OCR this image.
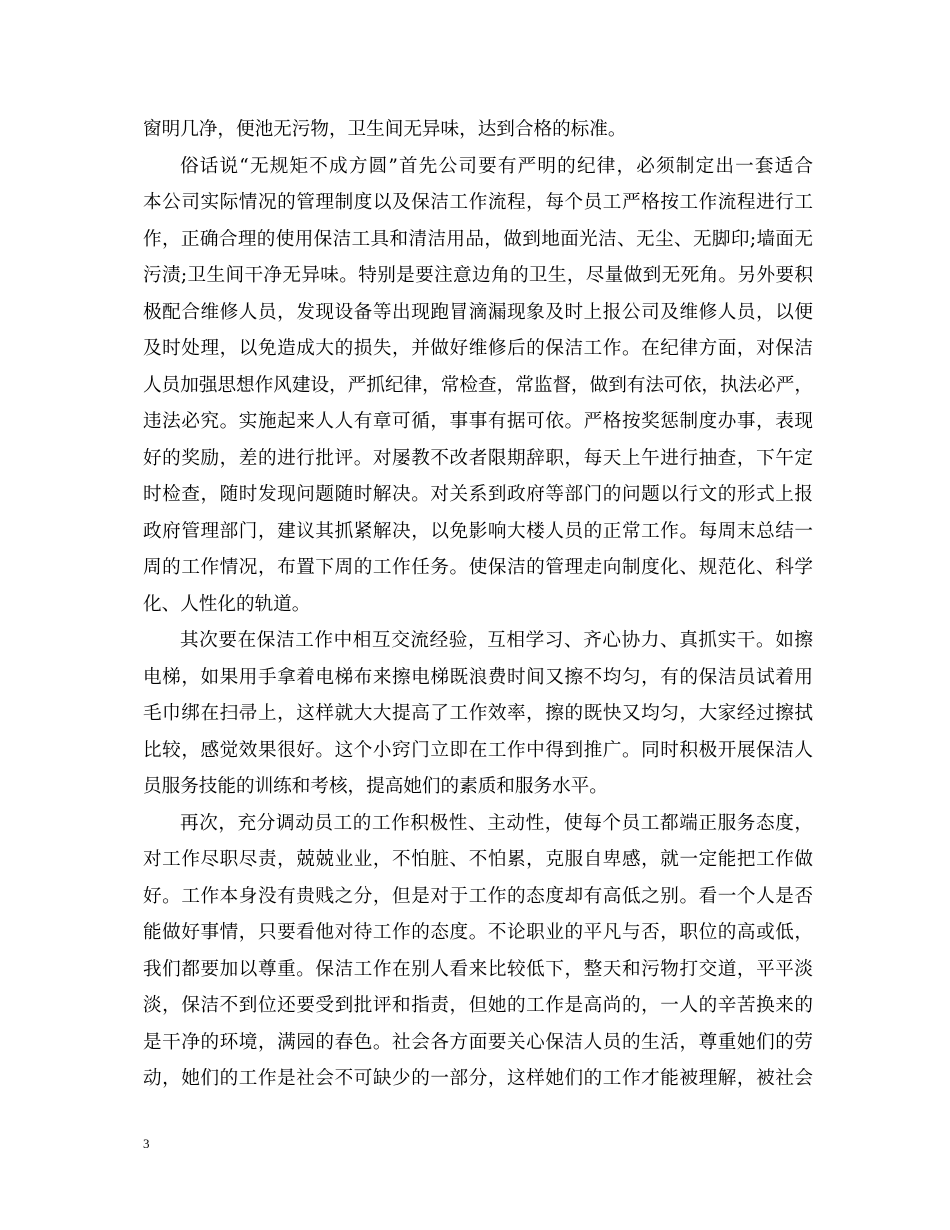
窗明几净，便池无污物，卫生间无异味，达到合格的标准。
俗话说“无规矩不成方圆”首先公司要有严明的纪律，必须制定出一套适合
本公司实际情况的管理制度以及保洁工作流程，每个员工严格按工作流程进行工
作，正确合理的使用保洁工具和清洁用品，做到地面光洁、无尘、无脚印;墙面无
污渍;卫生间干净无异味。特别是要注意边角的卫生，尽量做到无死角。另外要积
极配合维修人员，发现设备等出现跑冒滴漏现象及时上报公司及维修人员，以便
及时处理，以免造成大的损失，并做好维修后的保洁工作。在纪律方面，对保洁
人员加强思想作风建设，严抓纪律，常检查，常监督，做到有法可依，执法必严，
违法必究。实施起来人人有章可循，事事有据可依。严格按奖惩制度办事，表现
好的奖励，差的进行批评。对屡教不改者限期辞职，每天上午进行抽查，下午定
时检查，随时发现问题随时解决。对关系到政府等部门的问题以行文的形式上报
政府管理部门，建议其抓紧解决，以免影响大楼人员的正常工作。每周末总结一
周的工作情况，布置下周的工作任务。使保洁的管理走向制度化、规范化、科学
化、人性化的轨道。
其次要在保洁工作中相互交流经验，互相学习、齐心协力、真抓实干。如擦
电梯，如果用手拿着电梯布来擦电梯既浪费时间又擦不均匀，有的保洁员试着用
毛巾绑在扫帚上，这样就大大提高了工作效率，擦的既快又均匀，大家经过擦拭
比较，感觉效果很好。这个小窍门立即在工作中得到推广。同时积极开展保洁人
员服务技能的训练和考核，提高她们的素质和服务水平。
再次，充分调动员工的工作积极性、主动性，使每个员工都端正服务态度，
对工作尽职尽责，兢兢业业，不怕脏、不怕累，克服自卑感，就一定能把工作做
好。工作本身没有贵贱之分，但是对于工作的态度却有高低之别。看一个人是否
能做好事情，只要看他对待工作的态度。不论职业的平凡与否，职位的高或低，
我们都要加以尊重。保洁工作在别人看来比较低下，整天和污物打交道，平平淡
淡，保洁不到位还要受到批评和指责，但她的工作是高尚的，一人的辛苦换来的
是干净的环境，满园的春色。社会各方面要关心保洁人员的生活，尊重她们的劳
动，她们的工作是社会不可缺少的一部分，这样她们的工作才能被理解，被社会
3
